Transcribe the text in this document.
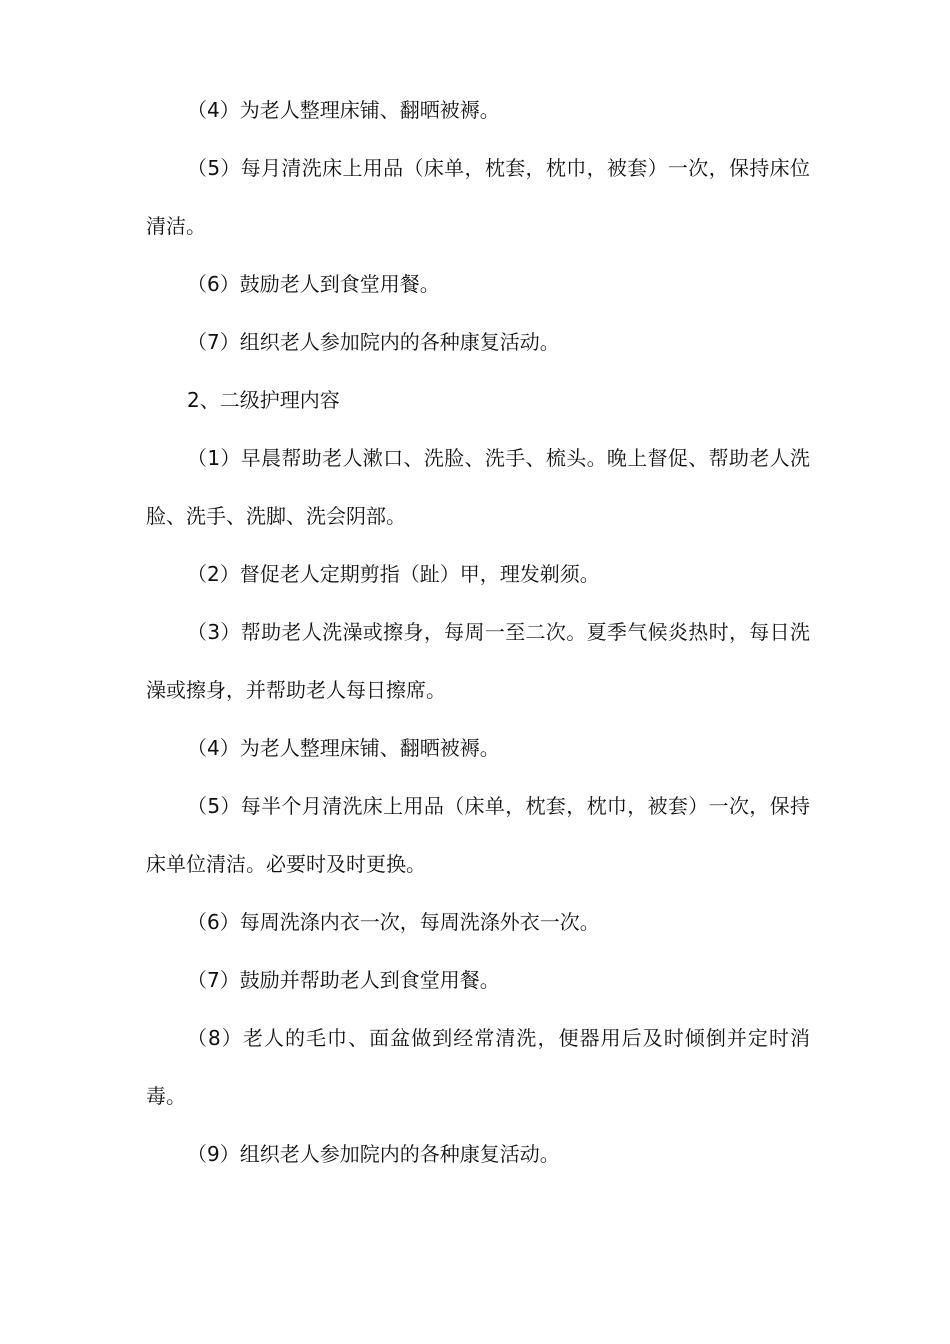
（4）为老人整理床铺、翻晒被褥。

（5）每月清洗床上用品（床单，枕套，枕巾，被套）一次，保持床位清洁。

（6）鼓励老人到食堂用餐。

（7）组织老人参加院内的各种康复活动。

2、二级护理内容

（1）早晨帮助老人漱口、洗脸、洗手、梳头。晚上督促、帮助老人洗脸、洗手、洗脚、洗会阴部。

（2）督促老人定期剪指（趾）甲，理发剃须。

（3）帮助老人洗澡或擦身，每周一至二次。夏季气候炎热时，每日洗澡或擦身，并帮助老人每日擦席。

（4）为老人整理床铺、翻晒被褥。

（5）每半个月清洗床上用品（床单，枕套，枕巾，被套）一次，保持床单位清洁。必要时及时更换。

（6）每周洗涤内衣一次，每周洗涤外衣一次。

（7）鼓励并帮助老人到食堂用餐。

（8）老人的毛巾、面盆做到经常清洗，便器用后及时倾倒并定时消毒。

（9）组织老人参加院内的各种康复活动。
